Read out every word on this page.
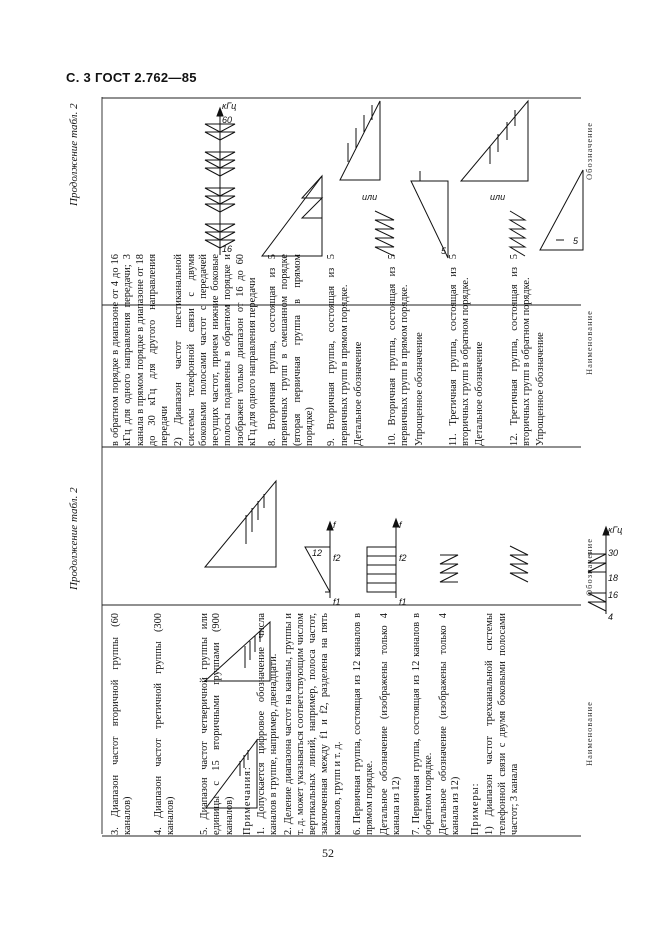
С. 3 ГОСТ 2.762—85
52
Продолжение табл. 2
Продолжение табл. 2
Наименование
Обозначение
Наименование
Обозначение

3. Диапазон частот вторичной группы (60 каналов) 4. Диапазон частот третичной группы (300 каналов) 5. Диапазон частот четверичной группы или единицы с 15 вторичными группами (900 каналов) Примечания: 1. Допускается цифровое обозначение числа каналов в группе, например, двенадцати. 2. Деление диапазона частот на каналы, группы и т. д. может указываться соответствующим числом вертикальных линий, например, полоса частот, заключенная между f1 и f2, разделена на пять каналов, групп и т. д. 6. Первичная группа, состоящая из 12 каналов в прямом порядке. Детальное обозначение (изображены только 4 канала из 12) 7. Первичная группа, состоящая из 12 каналов в обратном порядке. Детальное обозначение (изображены только 4 канала из 12) Примеры: 1) Диапазон частот трехканальной системы телефонной связи с двумя боковыми полосами частот; 3 канала

в обратном порядке в диапазоне от 4 до 16 кГц для одного направления передачи; 3 канала в прямом порядке в диапазоне от 18 до 30 кГц для другого направления передачи 2) Диапазон частот шестиканальной системы телефонной связи с двумя боковыми полосами частот с передачей несущих частот, причем нижние боковые полосы подавлены в обратном порядке и изображен только диапазон от 16 до 60 кГц для одного направления передачи 8. Вторичная группа, состоящая из 5 первичных групп в смешанном порядке (вторая первичная группа в прямом порядке) 9. Вторичная группа, состоящая из 5 первичных групп в прямом порядке. Детальное обозначение 10. Вторичная группа, состоящая из 5 первичных групп в прямом порядке. Упрощенное обозначение 11. Третичная группа, состоящая из 5 вторичных групп в обратном порядке. Детальное обозначение 12. Третичная группа, состоящая из 5 вторичных групп в обратном порядке. Упрощенное обозначение

f1
f2
f
12
f1
f2
f
4
16
18
30
кГц
16
60
кГц
5
5
или	или
